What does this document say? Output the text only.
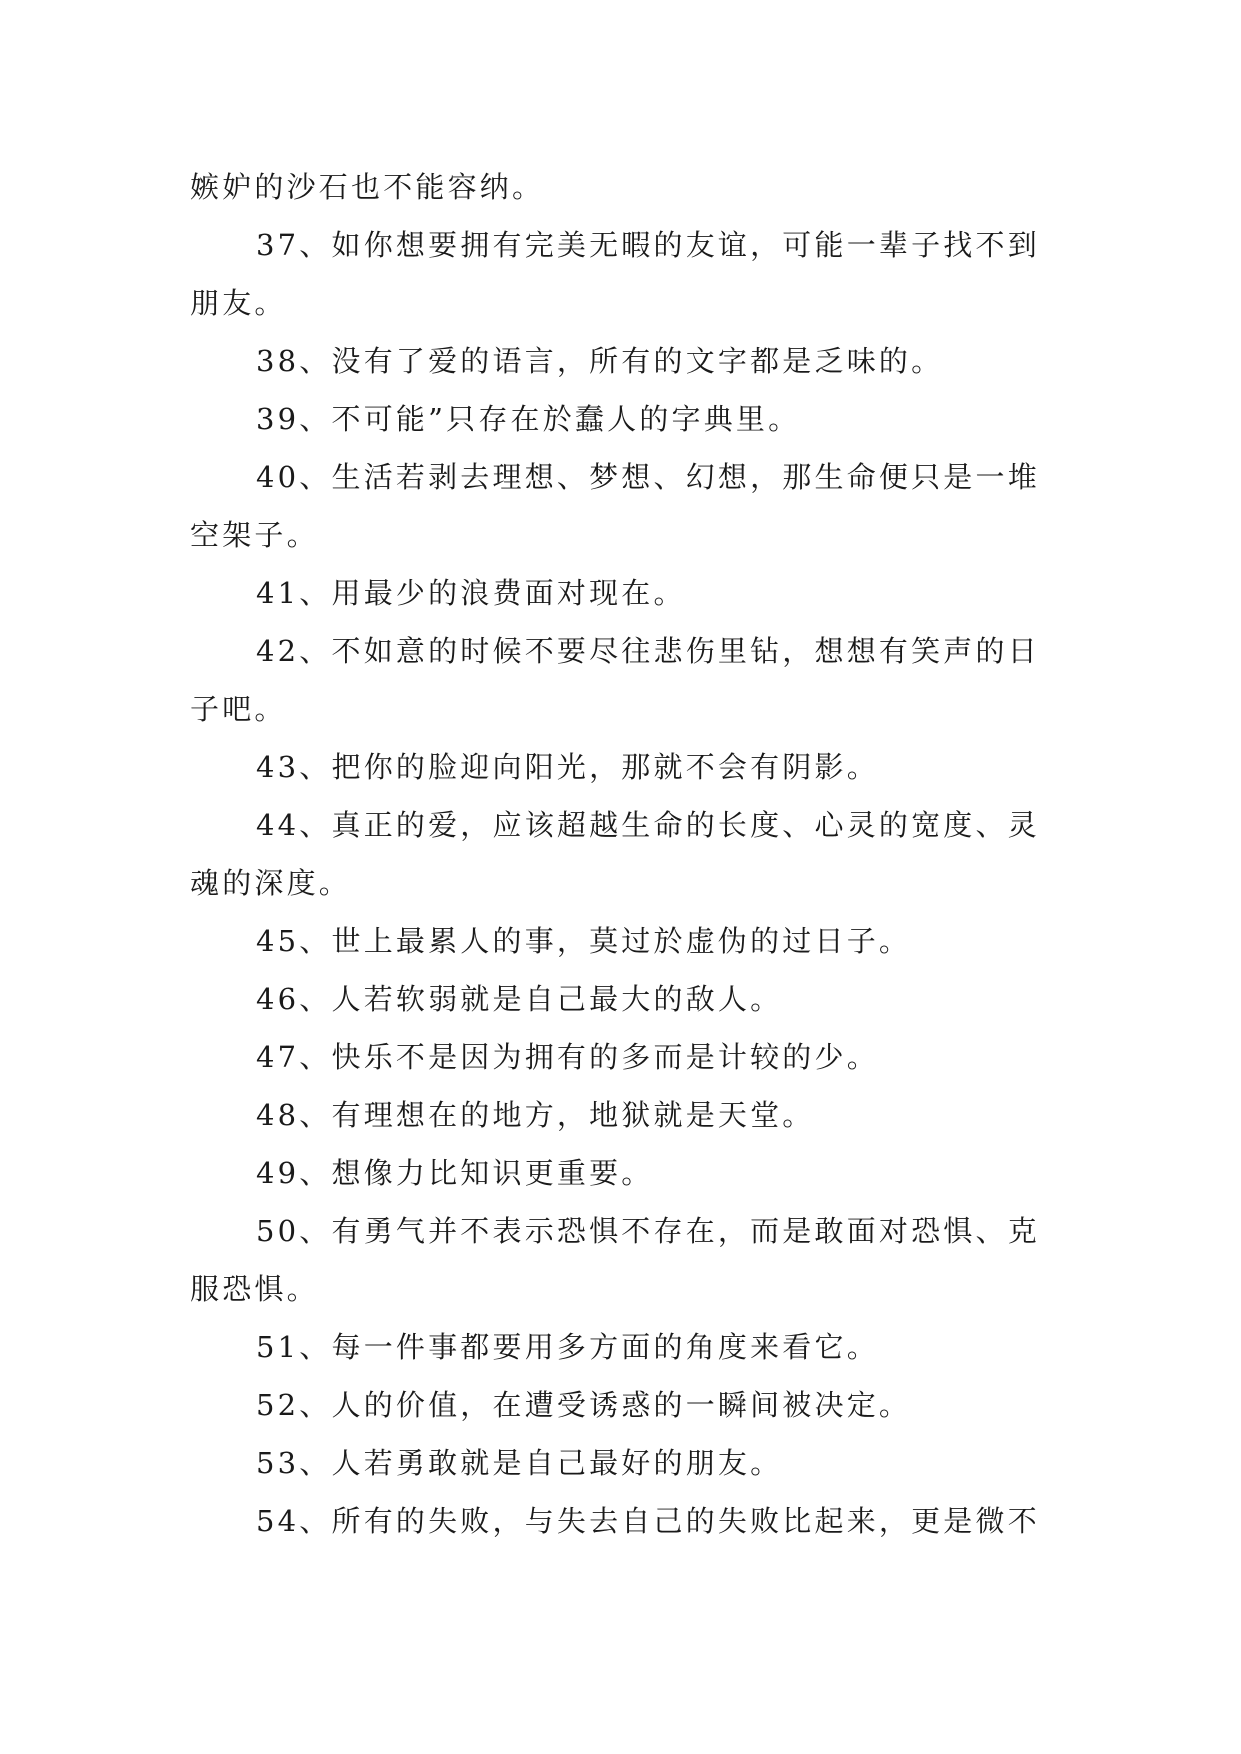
嫉妒的沙石也不能容纳。
37、如你想要拥有完美无暇的友谊，可能一辈子找不到
朋友。
38、没有了爱的语言，所有的文字都是乏味的。
39、不可能”只存在於蠢人的字典里。
40、生活若剥去理想、梦想、幻想，那生命便只是一堆
空架子。
41、用最少的浪费面对现在。
42、不如意的时候不要尽往悲伤里钻，想想有笑声的日
子吧。
43、把你的脸迎向阳光，那就不会有阴影。
44、真正的爱，应该超越生命的长度、心灵的宽度、灵
魂的深度。
45、世上最累人的事，莫过於虚伪的过日子。
46、人若软弱就是自己最大的敌人。
47、快乐不是因为拥有的多而是计较的少。
48、有理想在的地方，地狱就是天堂。
49、想像力比知识更重要。
50、有勇气并不表示恐惧不存在，而是敢面对恐惧、克
服恐惧。
51、每一件事都要用多方面的角度来看它。
52、人的价值，在遭受诱惑的一瞬间被决定。
53、人若勇敢就是自己最好的朋友。
54、所有的失败，与失去自己的失败比起来，更是微不
